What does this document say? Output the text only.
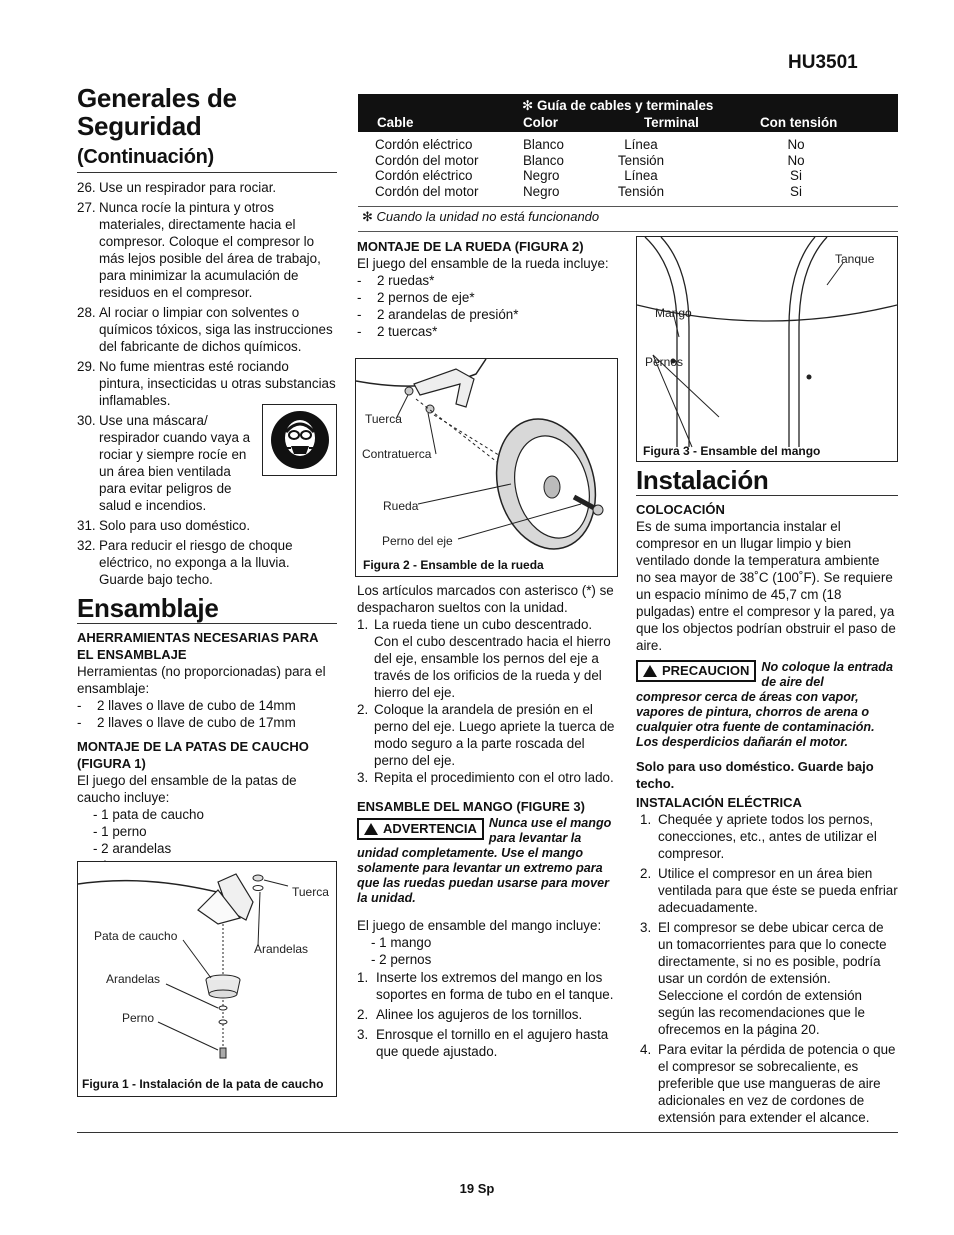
HU3501
Generales de Seguridad
(Continuación)
26. Use un respirador para rociar.
27. Nunca rocíe la pintura y otros materiales, directamente hacia el compresor. Coloque el compresor lo más lejos posible del área de trabajo, para minimizar la acumulación de residuos en el compresor.
28. Al rociar o limpiar con solventes o químicos tóxicos, siga las instrucciones del fabricante de dichos químicos.
29. No fume mientras esté rociando pintura, insecticidas u otras substancias inflamables.
30. Use una máscara/ respirador cuando vaya a rociar y siempre rocíe en un área bien ventilada para evitar peligros de salud e incendios.
31. Solo para uso doméstico.
32. Para reducir el riesgo de choque eléctrico, no exponga a la lluvia. Guarde bajo techo.
Ensamblaje
AHERRAMIENTAS NECESARIAS PARA EL ENSAMBLAJE
Herramientas (no proporcionadas) para el ensamblaje:
- 2 llaves o llave de cubo de 14mm
- 2 llaves o llave de cubo de 17mm
MONTAJE DE LA PATAS DE CAUCHO (FIGURA 1)
El juego del ensamble de la patas de caucho incluye:
- 1 pata de caucho
- 1 perno
- 2 arandelas
Tuerca
Pata de caucho
Arandelas
Arandelas
Perno
Figura 1 - Instalación de la pata de caucho
✻ Guía de cables y terminales
Cable	Color	Terminal	Con tensión
Cordón eléctrico	Blanco	Línea	No
Cordón del motor	Blanco	Tensión	No
Cordón eléctrico	Negro	Línea	Si
Cordón del motor	Negro	Tensión	Si
✻ Cuando la unidad no está funcionando
MONTAJE DE LA RUEDA (FIGURA 2)
El juego del ensamble de la rueda incluye:
- 2 ruedas*
- 2 pernos de eje*
- 2 arandelas de presión*
- 2 tuercas*
Tuerca
Contratuerca
Rueda
Perno del eje
Figura 2 - Ensamble de la rueda
Los artículos marcados con asterisco (*) se despacharon sueltos con la unidad.
1. La rueda tiene un cubo descentrado. Con el cubo descentrado hacia el hierro del eje, ensamble los pernos del eje a través de los orificios de la rueda y del hierro del eje.
2. Coloque la arandela de presión en el perno del eje. Luego apriete la tuerca de modo seguro a la parte roscada del perno del eje.
3. Repita el procedimiento con el otro lado.
ENSAMBLE DEL MANGO (FIGURE 3)
ADVERTENCIA Nunca use el mango para levantar la
unidad completamente. Use el mango solamente para levantar un extremo para que las ruedas puedan usarse para mover la unidad.
El juego de ensamble del mango incluye:
- 1 mango
- 2 pernos
1. Inserte los extremos del mango en los soportes en forma de tubo en el tanque.
2. Alinee los agujeros de los tornillos.
3. Enrosque el tornillo en el agujero hasta que quede ajustado.
Tanque
Mango
Pernos
Figura 3 - Ensamble del mango
Instalación
COLOCACIÓN
Es de suma importancia instalar el compresor en un llugar limpio y bien ventilado donde la temperatura ambiente no sea mayor de 38˚C (100˚F). Se requiere un espacio mínimo de 45,7 cm (18 pulgadas) entre el compresor y la pared, ya que los objectos podrían obstruir el paso de aire.
PRECAUCION No coloque la entrada de aire del
compresor cerca de áreas con vapor, vapores de pintura, chorros de arena o cualquier otra fuente de contaminación. Los desperdicios dañarán el motor.
Solo para uso doméstico. Guarde bajo techo.
INSTALACIÓN ELÉCTRICA
1. Chequée y apriete todos los pernos, conecciones, etc., antes de utilizar el compresor.
2. Utilice el compresor en un área bien ventilada para que éste se pueda enfriar adecuadamente.
3. El compresor se debe ubicar cerca de un tomacorrientes para que lo conecte directamente, si no es posible, podría usar un cordón de extensión. Seleccione el cordón de extensión según las recomendaciones que le ofrecemos en la página 20.
4. Para evitar la pérdida de potencia o que el compresor se sobrecaliente, es preferible que use mangueras de aire adicionales en vez de cordones de extensión para extender el alcance.
19 Sp
